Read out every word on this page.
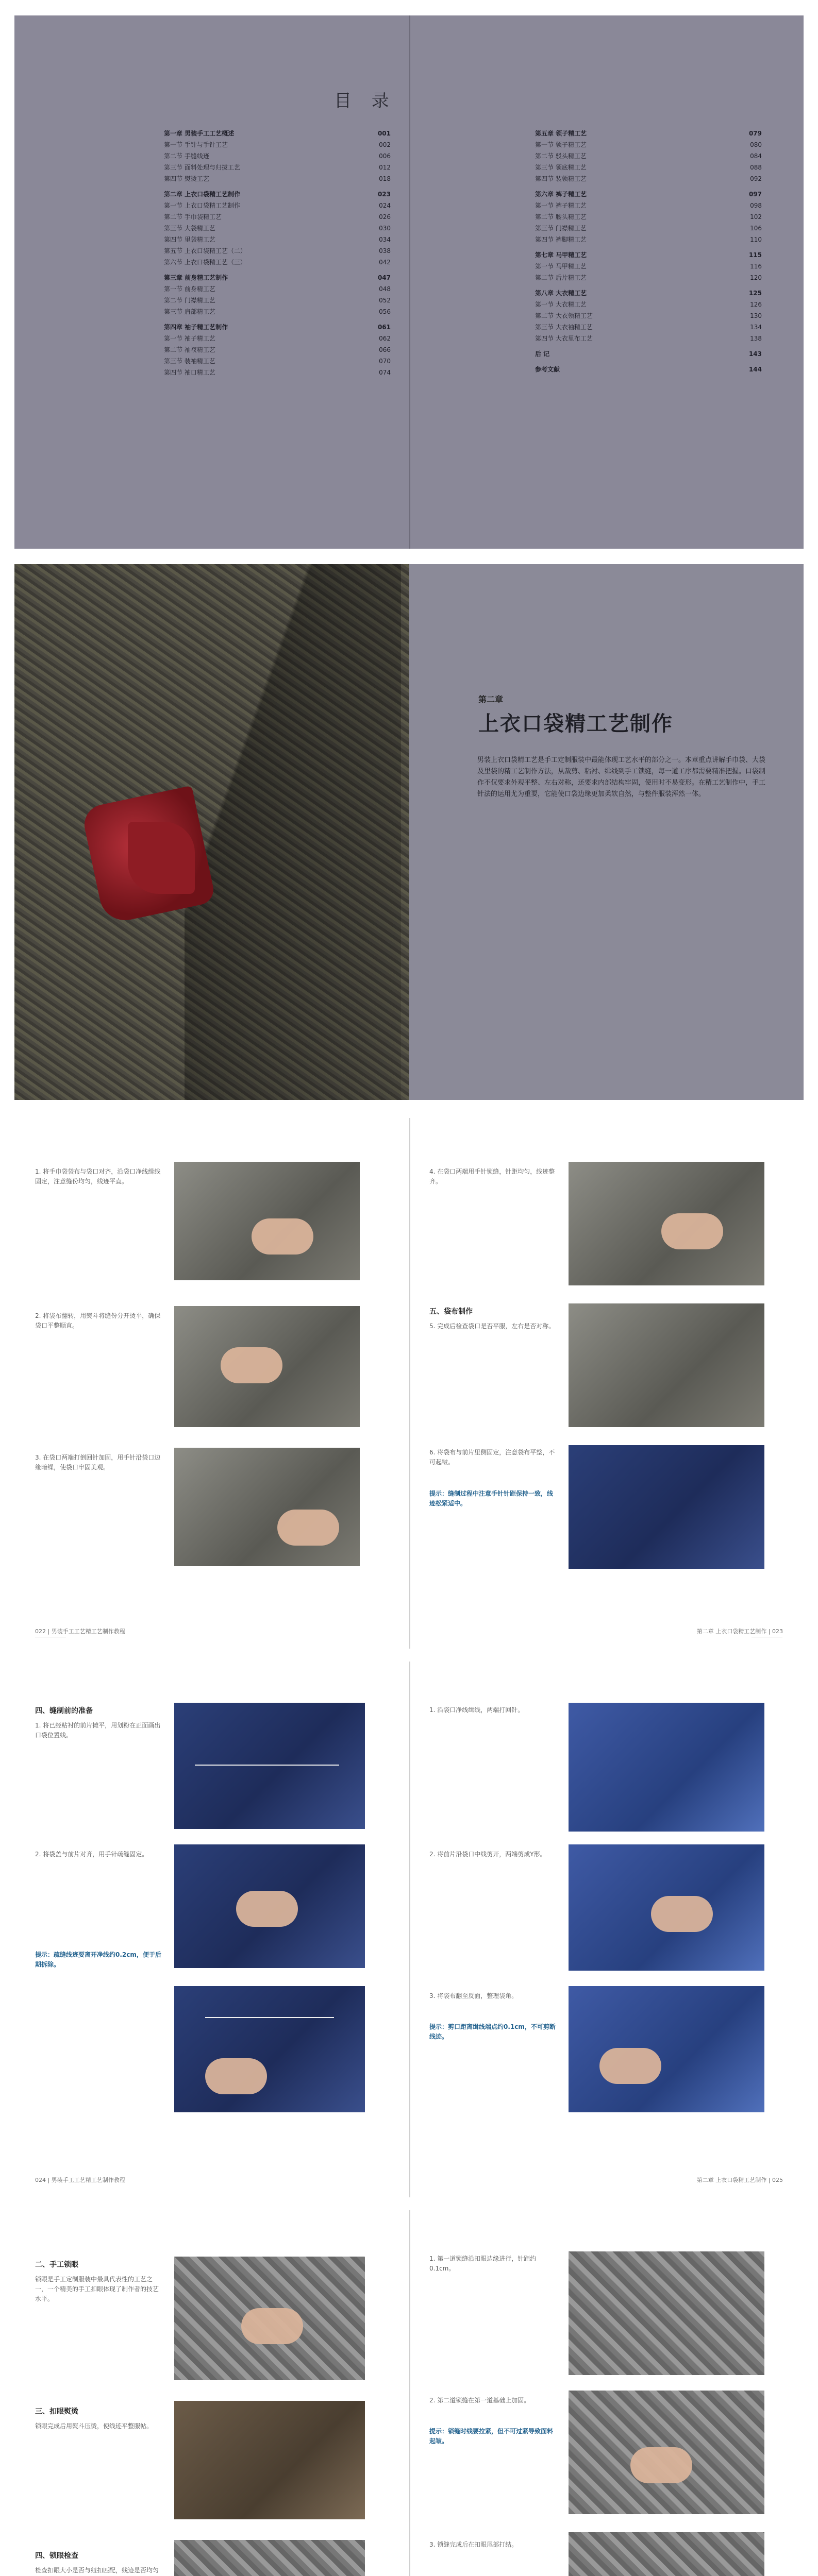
目 录
第一章 男装手工工艺概述	001
第一节 手针与手针工艺	002
第二节 手缝线迹	006
第三节 面料处理与归拔工艺	012
第四节 熨烫工艺	018
第二章 上衣口袋精工艺制作	023
第一节 上衣口袋精工艺制作	024
第二节 手巾袋精工艺	026
第三节 大袋精工艺	030
第四节 里袋精工艺	034
第五节 上衣口袋精工艺（二）	038
第六节 上衣口袋精工艺（三）	042
第三章 前身精工艺制作	047
第一节 前身精工艺	048
第二节 门襟精工艺	052
第三节 肩部精工艺	056
第四章 袖子精工艺制作	061
第一节 袖子精工艺	062
第二节 袖衩精工艺	066
第三节 装袖精工艺	070
第四节 袖口精工艺	074
第五章 领子精工艺	079
第一节 领子精工艺	080
第二节 驳头精工艺	084
第三节 领底精工艺	088
第四节 装领精工艺	092
第六章 裤子精工艺	097
第一节 裤子精工艺	098
第二节 腰头精工艺	102
第三节 门襟精工艺	106
第四节 裤脚精工艺	110
第七章 马甲精工艺	115
第一节 马甲精工艺	116
第二节 后片精工艺	120
第八章 大衣精工艺	125
第一节 大衣精工艺	126
第二节 大衣领精工艺	130
第三节 大衣袖精工艺	134
第四节 大衣里布工艺	138
后 记	143
参考文献	144
第二章
上衣口袋精工艺制作
男装上衣口袋精工艺是手工定制服装中最能体现工艺水平的部分之一。本章重点讲解手巾袋、大袋及里袋的精工艺制作方法，从裁剪、粘衬、缉线到手工锁缝，每一道工序都需要精准把握。口袋制作不仅要求外观平整、左右对称，还要求内部结构牢固，使用时不易变形。在精工艺制作中，手工针法的运用尤为重要，它能使口袋边缘更加柔软自然，与整件服装浑然一体。
1. 将手巾袋袋布与袋口对齐，沿袋口净线缉线固定，注意缝份均匀，线迹平直。
2. 将袋布翻转，用熨斗将缝份分开烫平，确保袋口平整顺直。
3. 在袋口两端打倒回针加固，用手针沿袋口边缘暗缲，使袋口牢固美观。
022 | 男装手工工艺精工艺制作教程
4. 在袋口两端用手针锁缝，针距均匀，线迹整齐。
五、袋布制作
5. 完成后检查袋口是否平服，左右是否对称。
6. 将袋布与前片里侧固定，注意袋布平整，不可起皱。
提示：缝制过程中注意手针针距保持一致，线迹松紧适中。
第二章 上衣口袋精工艺制作 | 023
四、缝制前的准备
1. 将已经粘衬的前片摊平，用划粉在正面画出口袋位置线。
2. 将袋盖与前片对齐，用手针疏缝固定。
提示：疏缝线迹要离开净线约0.2cm，便于后期拆除。
024 | 男装手工工艺精工艺制作教程
1. 沿袋口净线缉线，两端打回针。
2. 将前片沿袋口中线剪开，两端剪成Y形。
3. 将袋布翻至反面，整理袋角。
提示：剪口距离缉线端点约0.1cm，不可剪断线迹。
第二章 上衣口袋精工艺制作 | 025
二、手工锁眼
锁眼是手工定制服装中最具代表性的工艺之一，一个精美的手工扣眼体现了制作者的技艺水平。
三、扣眼熨烫
锁眼完成后用熨斗压烫，使线迹平整服帖。
四、锁眼检查
检查扣眼大小是否与纽扣匹配，线迹是否均匀
1. 第一道锁缝沿扣眼边缘进行，针距约0.1cm。
2. 第二道锁缝在第一道基础上加固。
提示：锁缝时线要拉紧，但不可过紧导致面料起皱。
3. 锁缝完成后在扣眼尾部打结。
